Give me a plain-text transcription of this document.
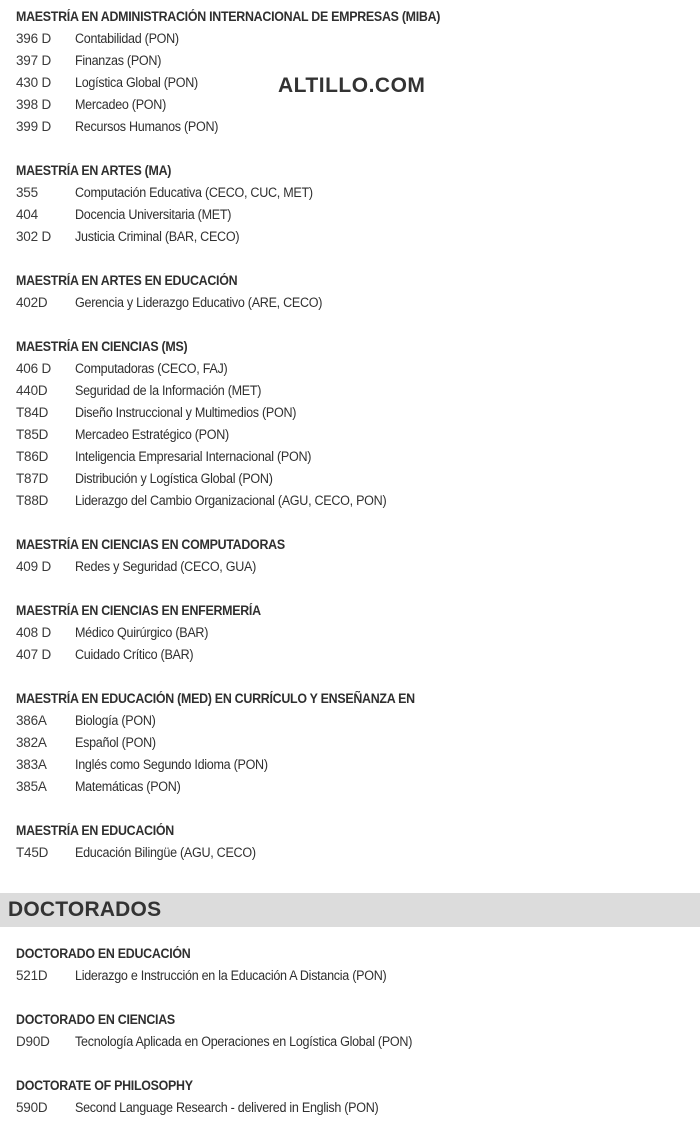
MAESTRÍA EN ADMINISTRACIÓN INTERNACIONAL DE EMPRESAS (MIBA)
396 D	Contabilidad (PON)
397 D	Finanzas (PON)
430 D	Logística Global (PON)
398 D	Mercadeo (PON)
399 D	Recursos Humanos (PON)
MAESTRÍA EN ARTES (MA)
355	Computación Educativa (CECO, CUC, MET)
404	Docencia Universitaria (MET)
302 D	Justicia Criminal (BAR, CECO)
MAESTRÍA EN ARTES EN EDUCACIÓN
402D	Gerencia y Liderazgo Educativo (ARE, CECO)
MAESTRÍA EN CIENCIAS (MS)
406 D	Computadoras (CECO, FAJ)
440D	Seguridad de la Información (MET)
T84D	Diseño Instruccional y Multimedios (PON)
T85D	Mercadeo Estratégico (PON)
T86D	Inteligencia Empresarial Internacional (PON)
T87D	Distribución y Logística Global (PON)
T88D	Liderazgo del Cambio Organizacional (AGU, CECO, PON)
MAESTRÍA EN CIENCIAS EN COMPUTADORAS
409 D	Redes y Seguridad (CECO, GUA)
MAESTRÍA EN CIENCIAS EN ENFERMERÍA
408 D	Médico Quirúrgico (BAR)
407 D	Cuidado Crítico (BAR)
MAESTRÍA EN EDUCACIÓN (MED) EN CURRÍCULO Y ENSEÑANZA EN
386A	Biología (PON)
382A	Español (PON)
383A	Inglés como Segundo Idioma (PON)
385A	Matemáticas (PON)
MAESTRÍA EN EDUCACIÓN
T45D	Educación Bilingüe (AGU, CECO)
ALTILLO.COM
DOCTORADOS
DOCTORADO EN EDUCACIÓN
521D	Liderazgo e Instrucción en la Educación A Distancia (PON)
DOCTORADO EN CIENCIAS
D90D	Tecnología Aplicada en Operaciones en Logística Global (PON)
DOCTORATE OF PHILOSOPHY
590D	Second Language Research - delivered in English (PON)
